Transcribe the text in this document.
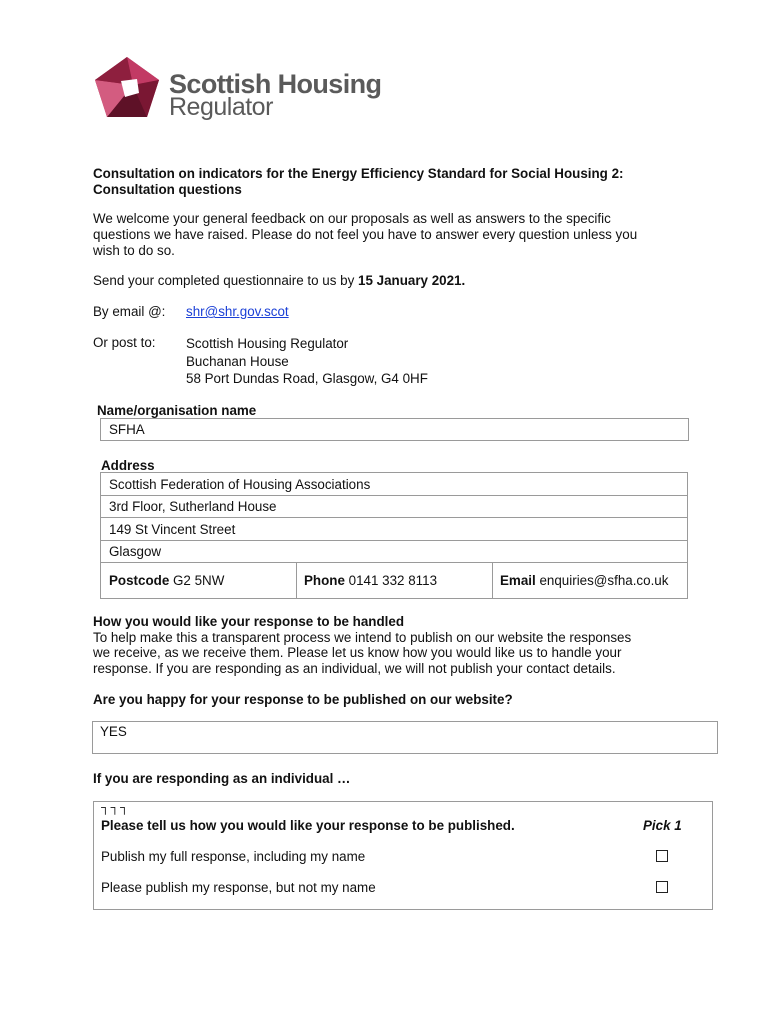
Scottish Housing
Regulator

Consultation on indicators for the Energy Efficiency Standard for Social Housing 2:

Consultation questions

We welcome your general feedback on our proposals as well as answers to the specific

questions we have raised. Please do not feel you have to answer every question unless you

wish to do so.

Send your completed questionnaire to us by 15 January 2021.
By email @: shr@shr.gov.scot
Or post to: Scottish Housing Regulator

Buchanan House

58 Port Dundas Road, Glasgow, G4 0HF

Name/organisation name
SFHA
Address
Scottish Federation of Housing Associations
3rd Floor, Sutherland House
149 St Vincent Street
Glasgow
Postcode G2 5NW	Phone 0141 332 8113	Email enquiries@sfha.co.uk

How you would like your response to be handled

To help make this a transparent process we intend to publish on our website the responses

we receive, as we receive them. Please let us know how you would like us to handle your

response. If you are responding as an individual, we will not publish your contact details.

Are you happy for your response to be published on our website?
YES
If you are responding as an individual …
┐┐┐
Please tell us how you would like your response to be published.	Pick 1
Publish my full response, including my name
Please publish my response, but not my name
